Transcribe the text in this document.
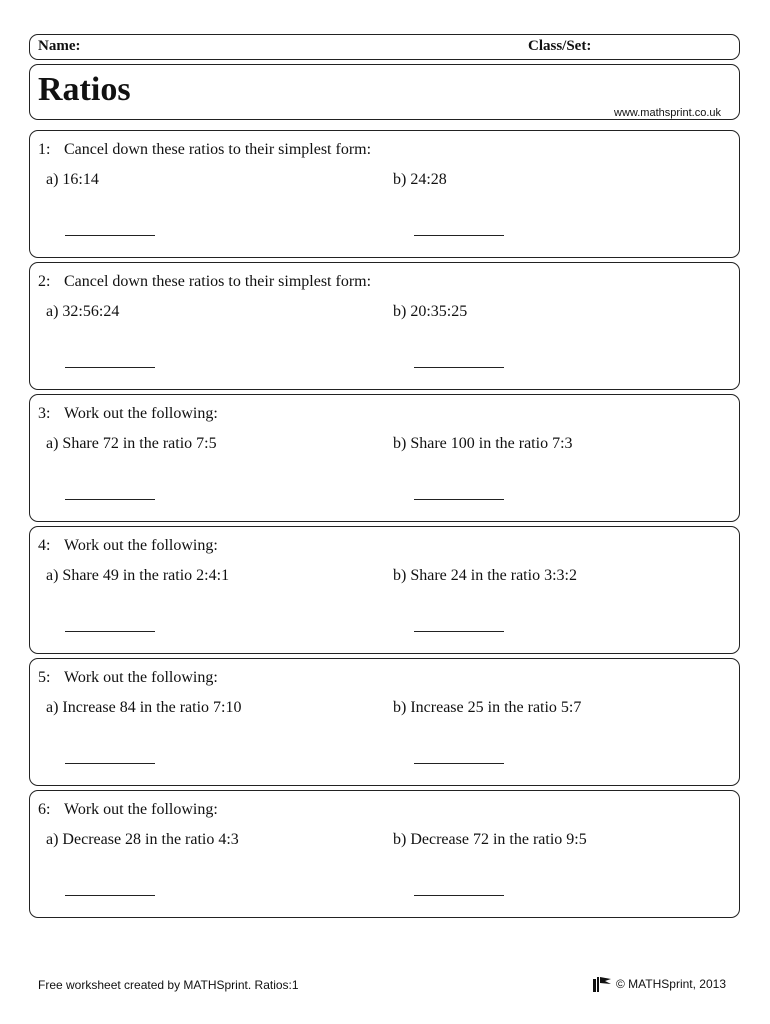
Name:	Class/Set:
Ratios
www.mathsprint.co.uk
1: Cancel down these ratios to their simplest form:
a) 16:14	b) 24:28
2: Cancel down these ratios to their simplest form:
a) 32:56:24	b) 20:35:25
3: Work out the following:
a) Share 72 in the ratio 7:5	b) Share 100 in the ratio 7:3
4: Work out the following:
a) Share 49 in the ratio 2:4:1	b) Share 24 in the ratio 3:3:2
5: Work out the following:
a) Increase 84 in the ratio 7:10	b) Increase 25 in the ratio 5:7
6: Work out the following:
a) Decrease 28 in the ratio 4:3	b) Decrease 72 in the ratio 9:5
Free worksheet created by MATHSprint. Ratios:1	© MATHSprint, 2013
